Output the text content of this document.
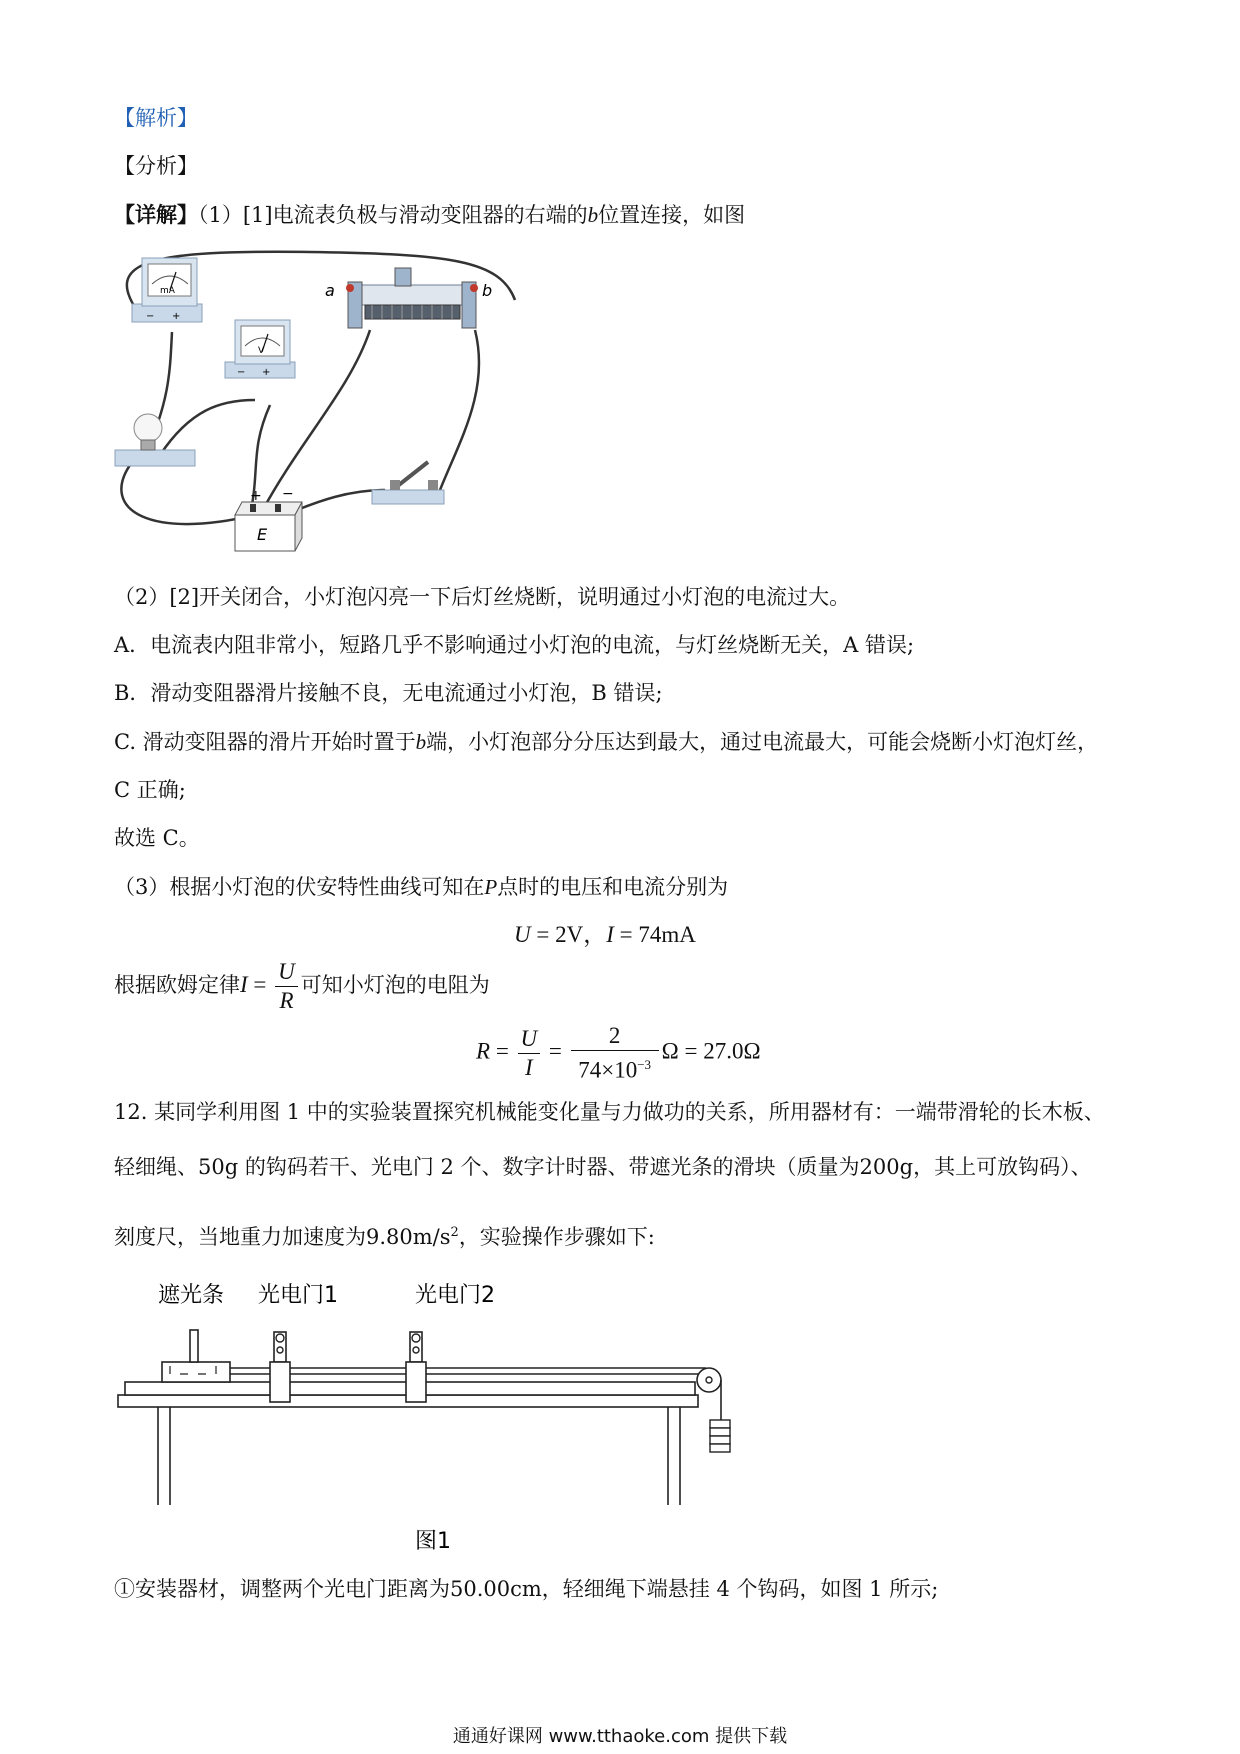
【解析】
【分析】
【详解】（1）[1]电流表负极与滑动变阻器的右端的b位置连接，如图
mA
− +
V
− +
a	b
+ −
E
（2）[2]开关闭合，小灯泡闪亮一下后灯丝烧断，说明通过小灯泡的电流过大。
A．电流表内阻非常小，短路几乎不影响通过小灯泡的电流，与灯丝烧断无关，A 错误;
B．滑动变阻器滑片接触不良，无电流通过小灯泡，B 错误;
C. 滑动变阻器的滑片开始时置于b端，小灯泡部分分压达到最大，通过电流最大，可能会烧断小灯泡灯丝，
C 正确;
故选 C。
（3）根据小灯泡的伏安特性曲线可知在P点时的电压和电流分别为
U = 2V，I = 74mA
根据欧姆定律$I = \frac{U}{R}$ 可知小灯泡的电阻为
$R = \frac{U}{I} = \frac{2}{74\times 10^{-3}}$ Ω = 27.0Ω
12. 某同学利用图 1 中的实验装置探究机械能变化量与力做功的关系，所用器材有：一端带滑轮的长木板、
轻细绳、50g 的钩码若干、光电门 2 个、数字计时器、带遮光条的滑块（质量为200g，其上可放钩码）、
刻度尺，当地重力加速度为$9.80m/s^2$，实验操作步骤如下:
遮光条 光电门1	光电门2
图1
①安装器材，调整两个光电门距离为50.00cm，轻细绳下端悬挂 4 个钩码，如图 1 所示;
通通好课网 www.tthaoke.com 提供下载
